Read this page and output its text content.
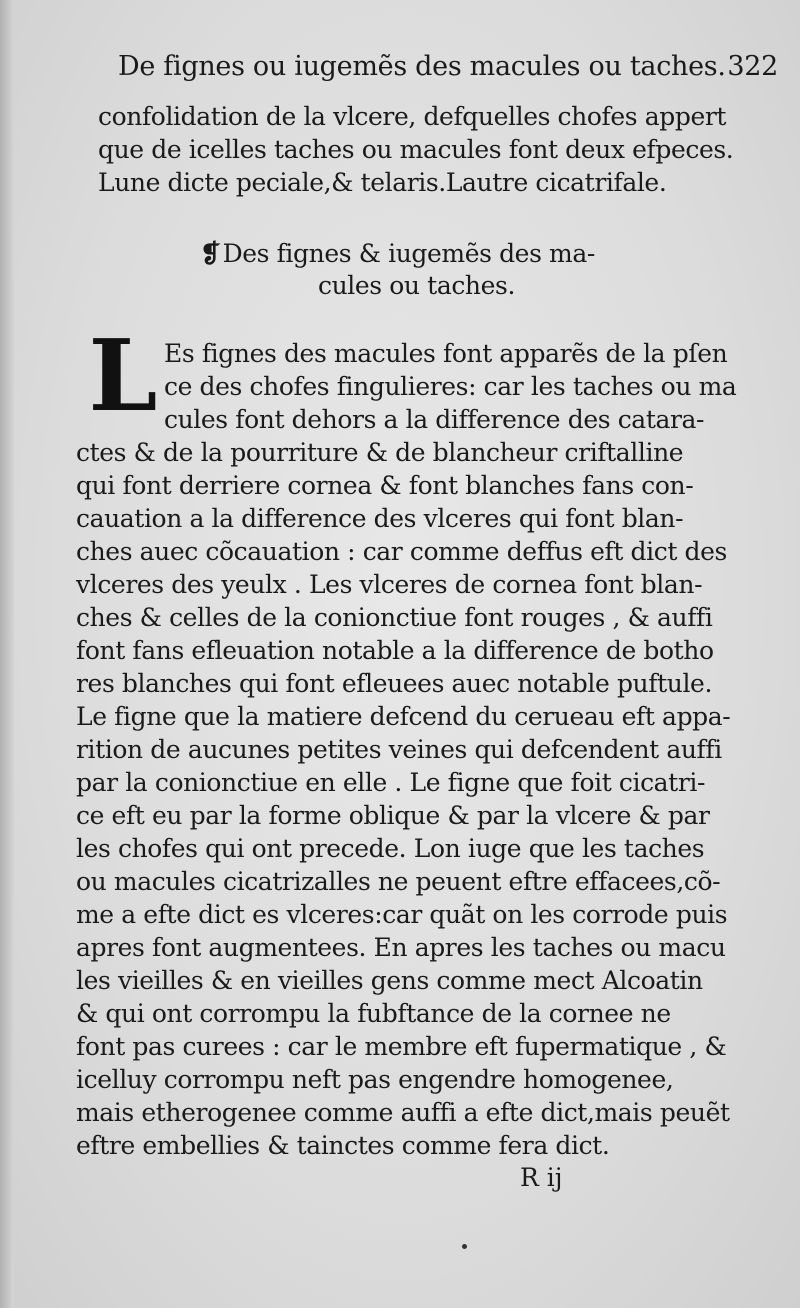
De fignes ou iugemẽs des macules ou taches. 322
confolidation de la vlcere, defquelles chofes appert
que de icelles taches ou macules font deux efpeces.
Lune dicte peciale,& telaris.Lautre cicatrifale.
❡Des fignes & iugemẽs des ma-
cules ou taches.
L Es fignes des macules font apparẽs de la pſen
ce des chofes fingulieres: car les taches ou ma
cules font dehors a la difference des catara-
ctes & de la pourriture & de blancheur criftalline
qui font derriere cornea & font blanches fans con-
cauation a la difference des vlceres qui font blan-
ches auec cõcauation : car comme deffus eft dict des
vlceres des yeulx . Les vlceres de cornea font blan-
ches & celles de la conionctiue font rouges , & auffi
font fans efleuation notable a la difference de botho
res blanches qui font efleuees auec notable puftule.
Le figne que la matiere defcend du cerueau eft appa-
rition de aucunes petites veines qui defcendent auffi
par la conionctiue en elle . Le figne que foit cicatri-
ce eft eu par la forme oblique & par la vlcere & par
les chofes qui ont precede. Lon iuge que les taches
ou macules cicatrizalles ne peuent eftre effacees,cõ-
me a efte dict es vlceres:car quãt on les corrode puis
apres font augmentees. En apres les taches ou macu
les vieilles & en vieilles gens comme mect Alcoatin
& qui ont corrompu la fubftance de la cornee ne
font pas curees : car le membre eft fupermatique , &
icelluy corrompu neft pas engendre homogenee,
mais etherogenee comme auffi a efte dict,mais peuẽt
eftre embellies & tainctes comme fera dict.
R ij
